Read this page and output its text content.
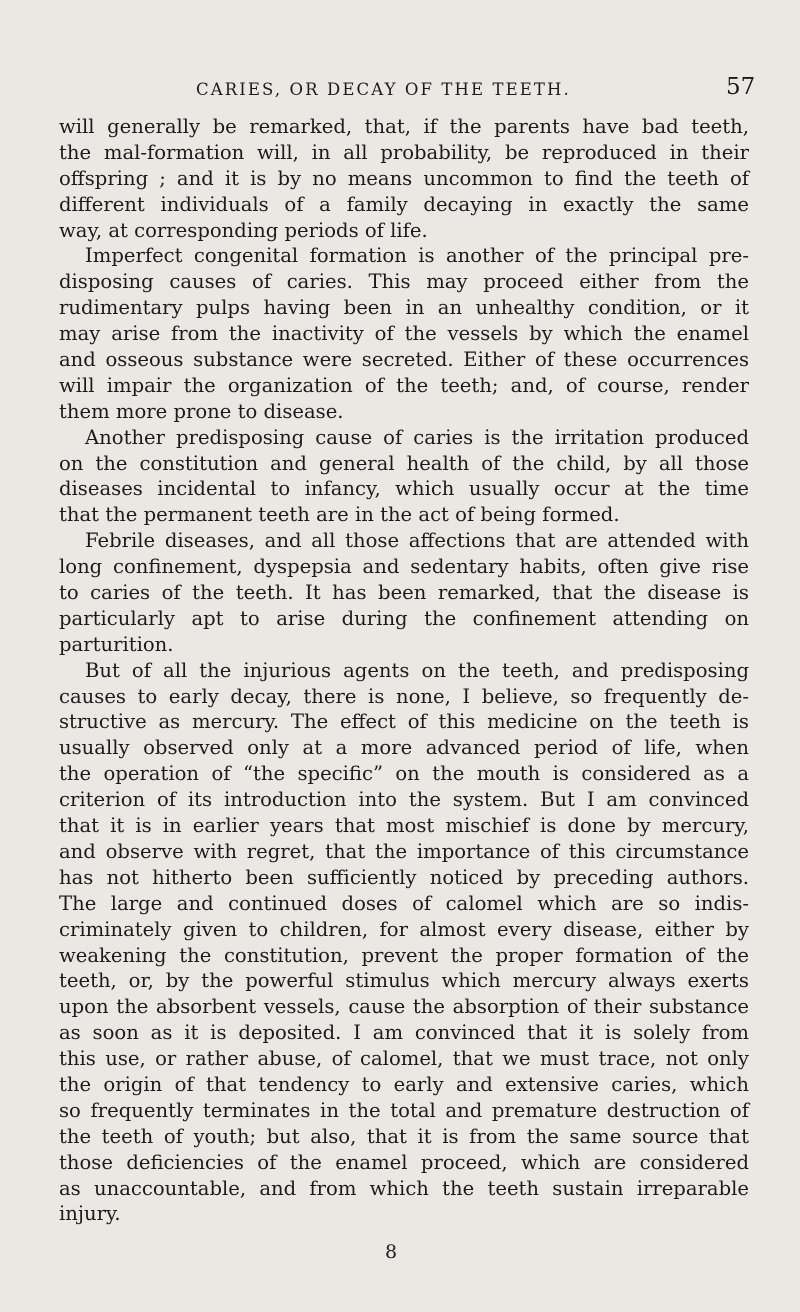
CARIES, OR DECAY OF THE TEETH.	57
will generally be remarked, that, if the parents have bad teeth,
the mal-formation will, in all probability, be reproduced in their
offspring ; and it is by no means uncommon to find the teeth of
different individuals of a family decaying in exactly the same
way, at corresponding periods of life.
Imperfect congenital formation is another of the principal pre-
disposing causes of caries. This may proceed either from the
rudimentary pulps having been in an unhealthy condition, or it
may arise from the inactivity of the vessels by which the enamel
and osseous substance were secreted. Either of these occurrences
will impair the organization of the teeth; and, of course, render
them more prone to disease.
Another predisposing cause of caries is the irritation produced
on the constitution and general health of the child, by all those
diseases incidental to infancy, which usually occur at the time
that the permanent teeth are in the act of being formed.
Febrile diseases, and all those affections that are attended with
long confinement, dyspepsia and sedentary habits, often give rise
to caries of the teeth. It has been remarked, that the disease is
particularly apt to arise during the confinement attending on
parturition.
But of all the injurious agents on the teeth, and predisposing
causes to early decay, there is none, I believe, so frequently de-
structive as mercury. The effect of this medicine on the teeth is
usually observed only at a more advanced period of life, when
the operation of “the specific” on the mouth is considered as a
criterion of its introduction into the system. But I am convinced
that it is in earlier years that most mischief is done by mercury,
and observe with regret, that the importance of this circumstance
has not hitherto been sufficiently noticed by preceding authors.
The large and continued doses of calomel which are so indis-
criminately given to children, for almost every disease, either by
weakening the constitution, prevent the proper formation of the
teeth, or, by the powerful stimulus which mercury always exerts
upon the absorbent vessels, cause the absorption of their substance
as soon as it is deposited. I am convinced that it is solely from
this use, or rather abuse, of calomel, that we must trace, not only
the origin of that tendency to early and extensive caries, which
so frequently terminates in the total and premature destruction of
the teeth of youth; but also, that it is from the same source that
those deficiencies of the enamel proceed, which are considered
as unaccountable, and from which the teeth sustain irreparable
injury.
8
